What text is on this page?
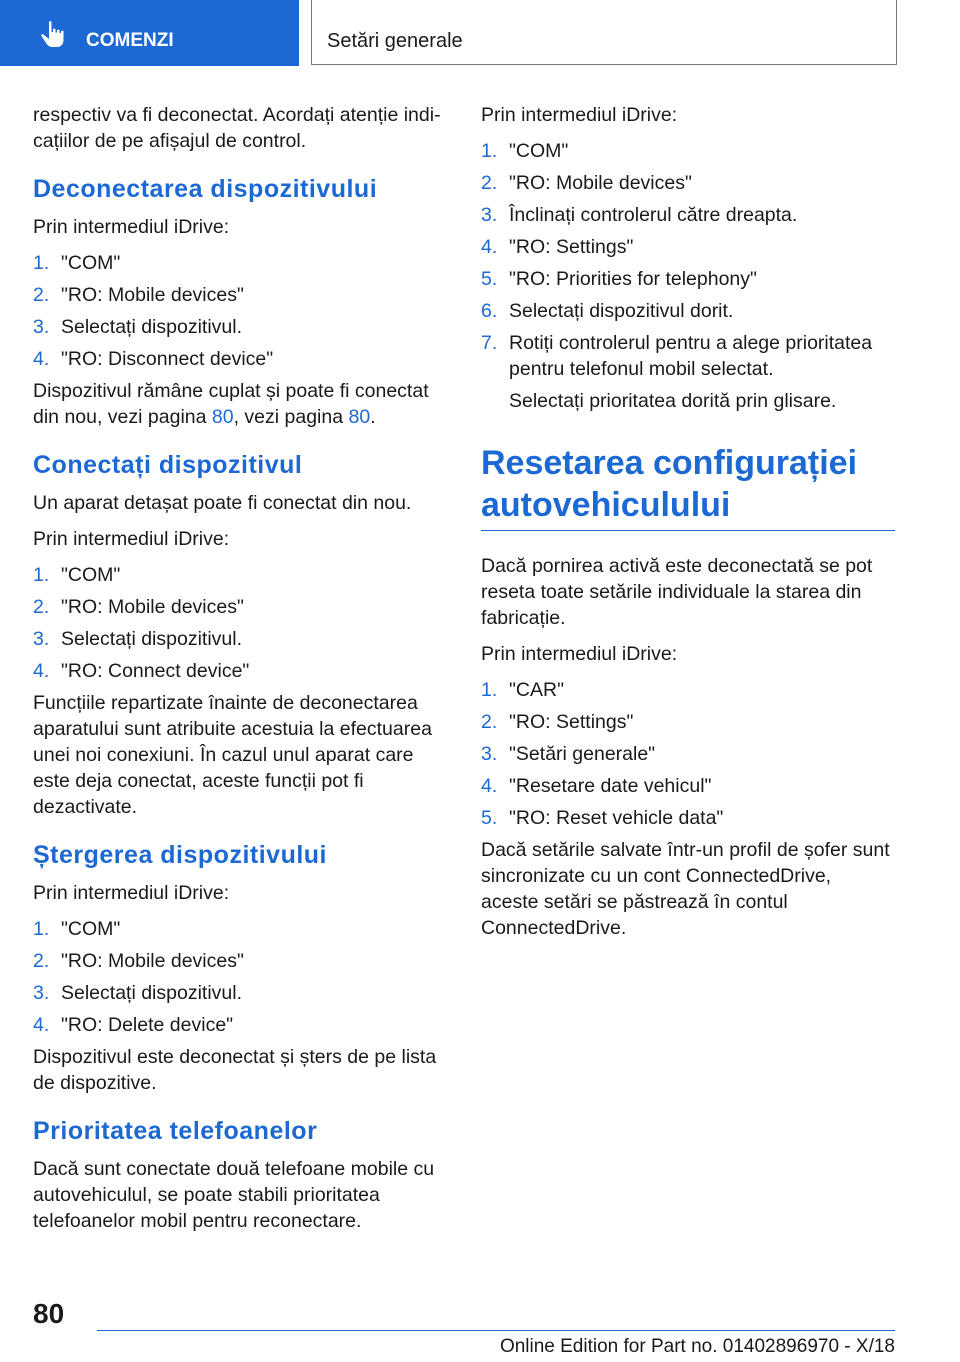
COMENZI	Setări generale

respectiv va fi deconectat. Acordați atenție indicațiilor de pe afișajul de control.

Deconectarea dispozitivului

Prin intermediul iDrive:

1. "COM"
2. "RO: Mobile devices"
3. Selectați dispozitivul.
4. "RO: Disconnect device"

Dispozitivul rămâne cuplat și poate fi conectat din nou, vezi pagina 80, vezi pagina 80.

Conectați dispozitivul

Un aparat detașat poate fi conectat din nou.

Prin intermediul iDrive:

1. "COM"
2. "RO: Mobile devices"
3. Selectați dispozitivul.
4. "RO: Connect device"

Funcțiile repartizate înainte de deconectarea aparatului sunt atribuite acestuia la efectuarea unei noi conexiuni. În cazul unul aparat care este deja conectat, aceste funcții pot fi dezactivate.

Ștergerea dispozitivului

Prin intermediul iDrive:

1. "COM"
2. "RO: Mobile devices"
3. Selectați dispozitivul.
4. "RO: Delete device"

Dispozitivul este deconectat și șters de pe lista de dispozitive.

Prioritatea telefoanelor

Dacă sunt conectate două telefoane mobile cu autovehiculul, se poate stabili prioritatea telefoanelor mobil pentru reconectare.

Prin intermediul iDrive:

1. "COM"
2. "RO: Mobile devices"
3. Înclinați controlerul către dreapta.
4. "RO: Settings"
5. "RO: Priorities for telephony"
6. Selectați dispozitivul dorit.
7. Rotiți controlerul pentru a alege prioritatea pentru telefonul mobil selectat.

Selectați prioritatea dorită prin glisare.

Resetarea configurației autovehiculului

Dacă pornirea activă este deconectată se pot reseta toate setările individuale la starea din fabricație.

Prin intermediul iDrive:

1. "CAR"
2. "RO: Settings"
3. "Setări generale"
4. "Resetare date vehicul"
5. "RO: Reset vehicle data"

Dacă setările salvate într-un profil de șofer sunt sincronizate cu un cont ConnectedDrive, aceste setări se păstrează în contul ConnectedDrive.

80
Online Edition for Part no. 01402896970 - X/18
